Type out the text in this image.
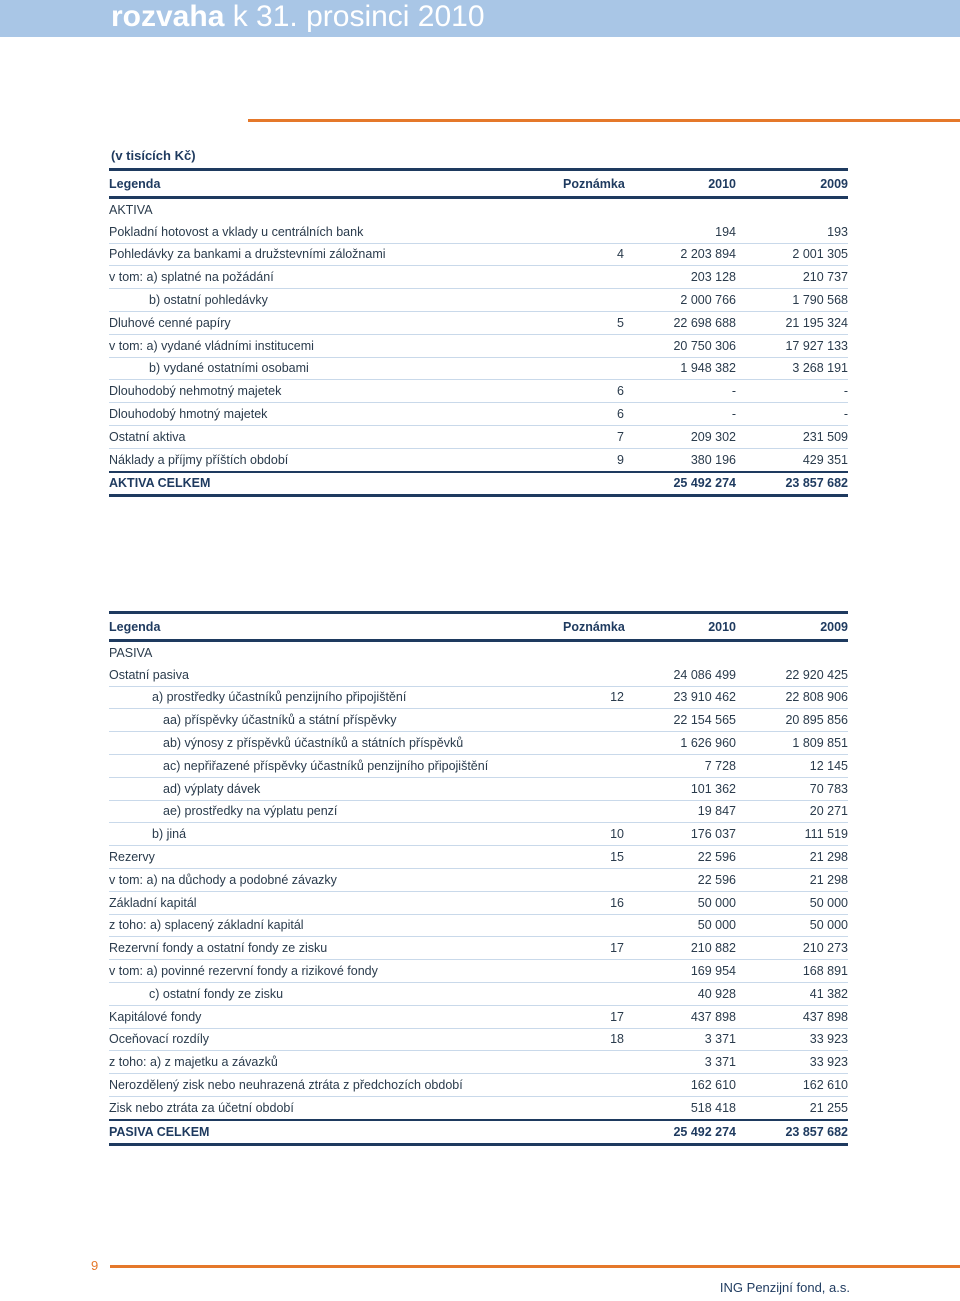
rozvaha k 31. prosinci 2010
(v tisících Kč)
Legenda	Poznámka	2010	2009
AKTIVA			
Pokladní hotovost a vklady u centrálních bank		194	193
Pohledávky za bankami a družstevními záložnami	4	2 203 894	2 001 305
v tom: a) splatné na požádání		203 128	210 737
b) ostatní pohledávky		2 000 766	1 790 568
Dluhové cenné papíry	5	22 698 688	21 195 324
v tom: a) vydané vládními institucemi		20 750 306	17 927 133
b) vydané ostatními osobami		1 948 382	3 268 191
Dlouhodobý nehmotný majetek	6	-	-
Dlouhodobý hmotný majetek	6	-	-
Ostatní aktiva	7	209 302	231 509
Náklady a příjmy příštích období	9	380 196	429 351
AKTIVA CELKEM		25 492 274	23 857 682
Legenda	Poznámka	2010	2009
PASIVA			
Ostatní pasiva		24 086 499	22 920 425
a) prostředky účastníků penzijního připojištění	12	23 910 462	22 808 906
aa) příspěvky účastníků a státní příspěvky		22 154 565	20 895 856
ab) výnosy z příspěvků účastníků a státních příspěvků		1 626 960	1 809 851
ac) nepřiřazené příspěvky účastníků penzijního připojištění		7 728	12 145
ad) výplaty dávek		101 362	70 783
ae) prostředky na výplatu penzí		19 847	20 271
b) jiná	10	176 037	111 519
Rezervy	15	22 596	21 298
v tom: a) na důchody a podobné závazky		22 596	21 298
Základní kapitál	16	50 000	50 000
z toho: a) splacený základní kapitál		50 000	50 000
Rezervní fondy a ostatní fondy ze zisku	17	210 882	210 273
v tom: a) povinné rezervní fondy a rizikové fondy		169 954	168 891
c) ostatní fondy ze zisku		40 928	41 382
Kapitálové fondy	17	437 898	437 898
Oceňovací rozdíly	18	3 371	33 923
z toho: a) z majetku a závazků		3 371	33 923
Nerozdělený zisk nebo neuhrazená ztráta z předchozích období		162 610	162 610
Zisk nebo ztráta za účetní období		518 418	21 255
PASIVA CELKEM		25 492 274	23 857 682
9
ING Penzijní fond, a.s.
